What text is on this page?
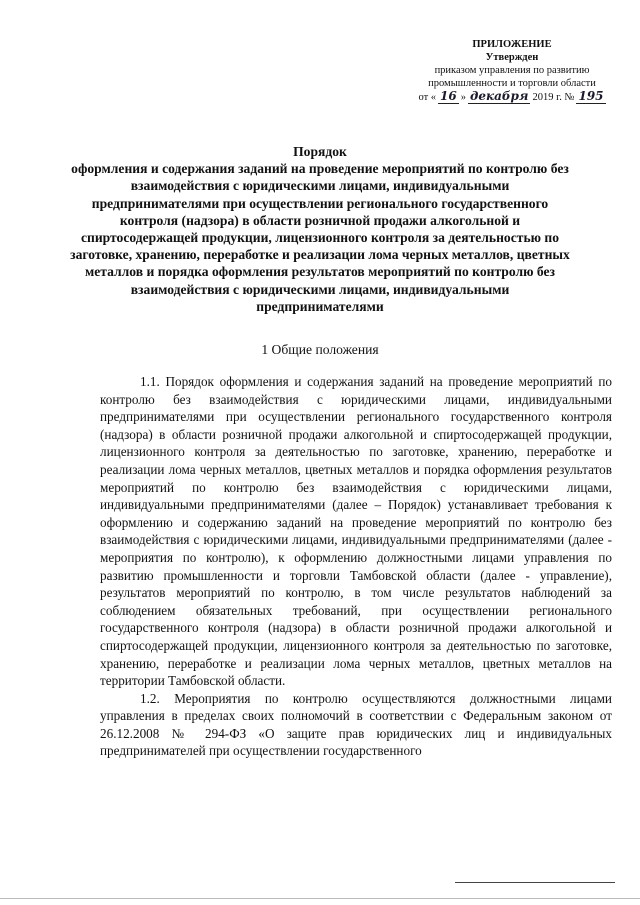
ПРИЛОЖЕНИЕ
Утвержден
приказом управления по развитию
промышленности и торговли области
от « 16 » декабря 2019 г. № 195
Порядок
оформления и содержания заданий на проведение мероприятий по контролю без взаимодействия с юридическими лицами, индивидуальными предпринимателями при осуществлении регионального государственного контроля (надзора) в области розничной продажи алкогольной и спиртосодержащей продукции, лицензионного контроля за деятельностью по заготовке, хранению, переработке и реализации лома черных металлов, цветных металлов и порядка оформления результатов мероприятий по контролю без взаимодействия с юридическими лицами, индивидуальными предпринимателями
1 Общие положения

1.1. Порядок оформления и содержания заданий на проведение мероприятий по контролю без взаимодействия с юридическими лицами, индивидуальными предпринимателями при осуществлении регионального государственного контроля (надзора) в области розничной продажи алкогольной и спиртосодержащей продукции, лицензионного контроля за деятельностью по заготовке, хранению, переработке и реализации лома черных металлов, цветных металлов и порядка оформления результатов мероприятий по контролю без взаимодействия с юридическими лицами, индивидуальными предпринимателями (далее – Порядок) устанавливает требования к оформлению и содержанию заданий на проведение мероприятий по контролю без взаимодействия с юридическими лицами, индивидуальными предпринимателями (далее - мероприятия по контролю), к оформлению должностными лицами управления по развитию промышленности и торговли Тамбовской области (далее - управление), результатов мероприятий по контролю, в том числе результатов наблюдений за соблюдением обязательных требований, при осуществлении регионального государственного контроля (надзора) в области розничной продажи алкогольной и спиртосодержащей продукции, лицензионного контроля за деятельностью по заготовке, хранению, переработке и реализации лома черных металлов, цветных металлов на территории Тамбовской области.

1.2. Мероприятия по контролю осуществляются должностными лицами управления в пределах своих полномочий в соответствии с Федеральным законом от 26.12.2008 № 294-ФЗ «О защите прав юридических лиц и индивидуальных предпринимателей при осуществлении государственного
